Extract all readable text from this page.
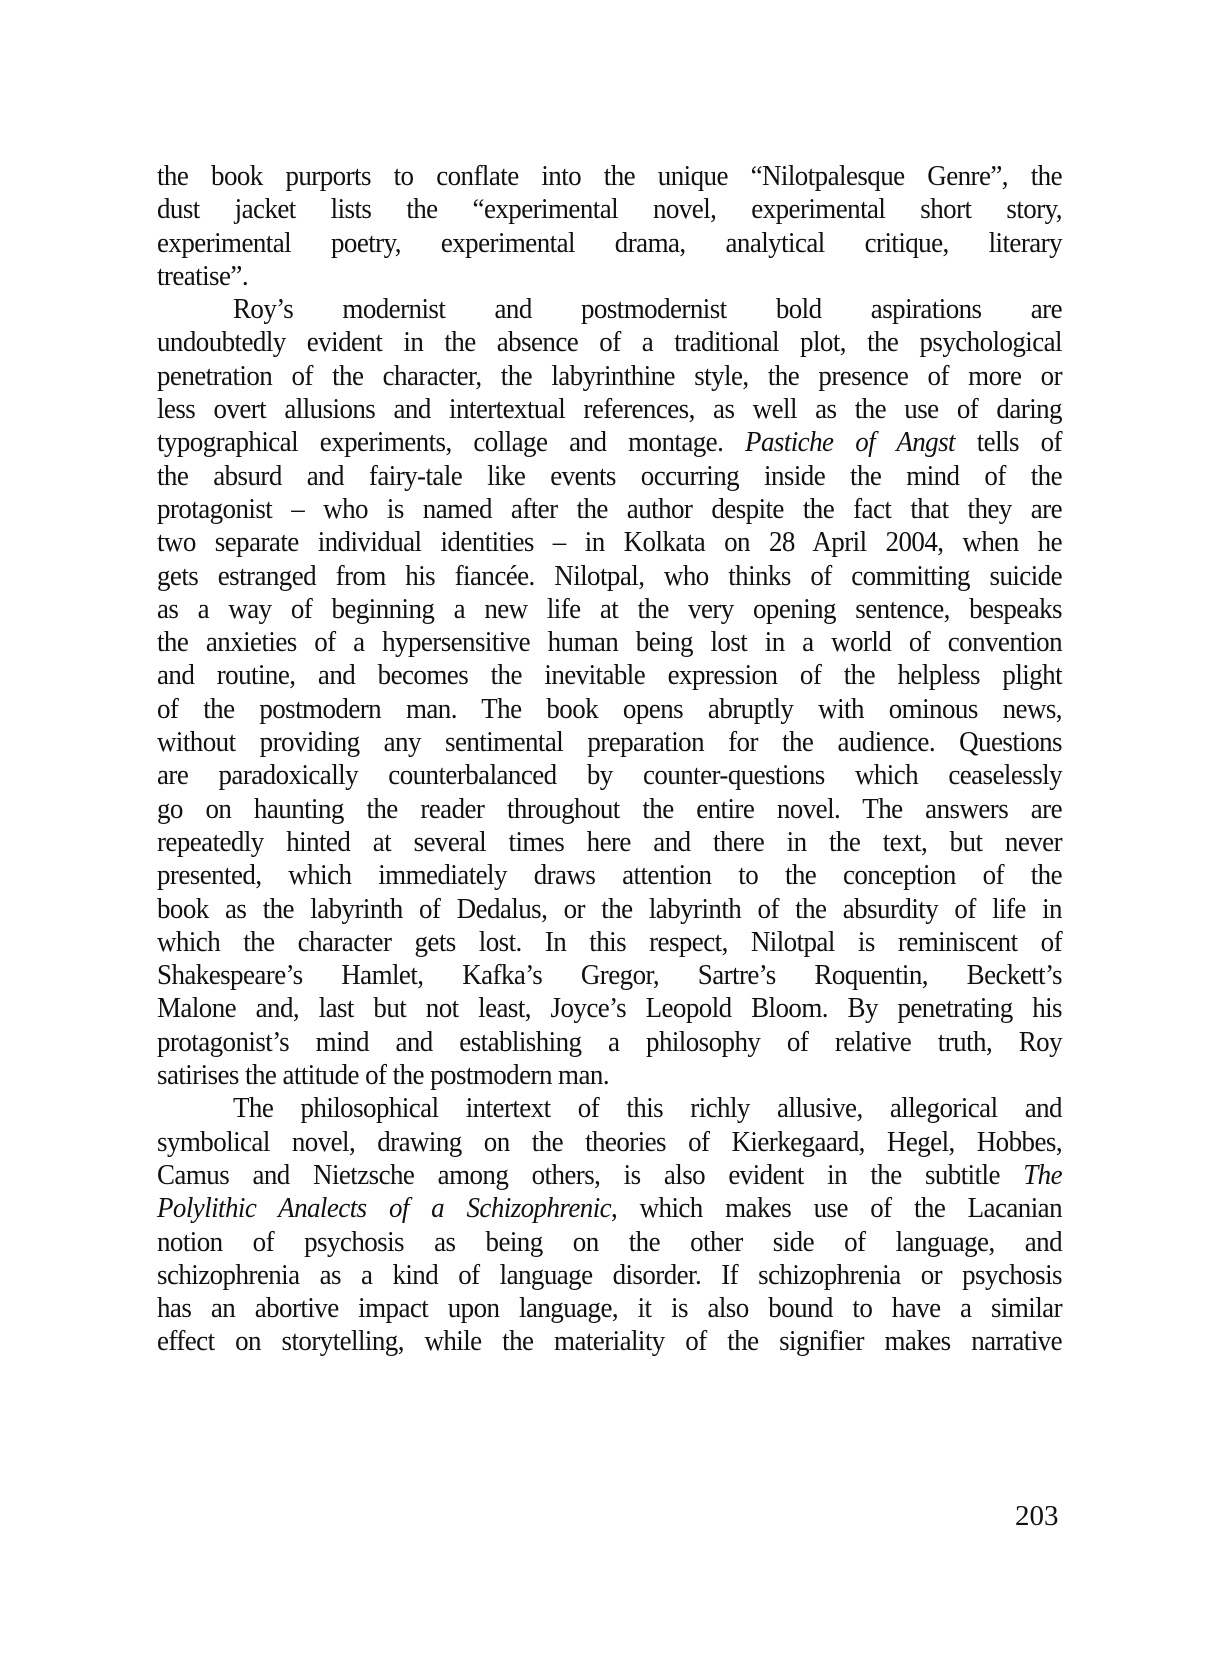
the book purports to conflate into the unique “Nilotpalesque Genre”, the
dust jacket lists the “experimental novel, experimental short story,
experimental poetry, experimental drama, analytical critique, literary
treatise”.
Roy’s modernist and postmodernist bold aspirations are
undoubtedly evident in the absence of a traditional plot, the psychological
penetration of the character, the labyrinthine style, the presence of more or
less overt allusions and intertextual references, as well as the use of daring
typographical experiments, collage and montage. Pastiche of Angst tells of
the absurd and fairy-tale like events occurring inside the mind of the
protagonist – who is named after the author despite the fact that they are
two separate individual identities – in Kolkata on 28 April 2004, when he
gets estranged from his fiancée. Nilotpal, who thinks of committing suicide
as a way of beginning a new life at the very opening sentence, bespeaks
the anxieties of a hypersensitive human being lost in a world of convention
and routine, and becomes the inevitable expression of the helpless plight
of the postmodern man. The book opens abruptly with ominous news,
without providing any sentimental preparation for the audience. Questions
are paradoxically counterbalanced by counter-questions which ceaselessly
go on haunting the reader throughout the entire novel. The answers are
repeatedly hinted at several times here and there in the text, but never
presented, which immediately draws attention to the conception of the
book as the labyrinth of Dedalus, or the labyrinth of the absurdity of life in
which the character gets lost. In this respect, Nilotpal is reminiscent of
Shakespeare’s Hamlet, Kafka’s Gregor, Sartre’s Roquentin, Beckett’s
Malone and, last but not least, Joyce’s Leopold Bloom. By penetrating his
protagonist’s mind and establishing a philosophy of relative truth, Roy
satirises the attitude of the postmodern man.
The philosophical intertext of this richly allusive, allegorical and
symbolical novel, drawing on the theories of Kierkegaard, Hegel, Hobbes,
Camus and Nietzsche among others, is also evident in the subtitle The
Polylithic Analects of a Schizophrenic, which makes use of the Lacanian
notion of psychosis as being on the other side of language, and
schizophrenia as a kind of language disorder. If schizophrenia or psychosis
has an abortive impact upon language, it is also bound to have a similar
effect on storytelling, while the materiality of the signifier makes narrative
203
